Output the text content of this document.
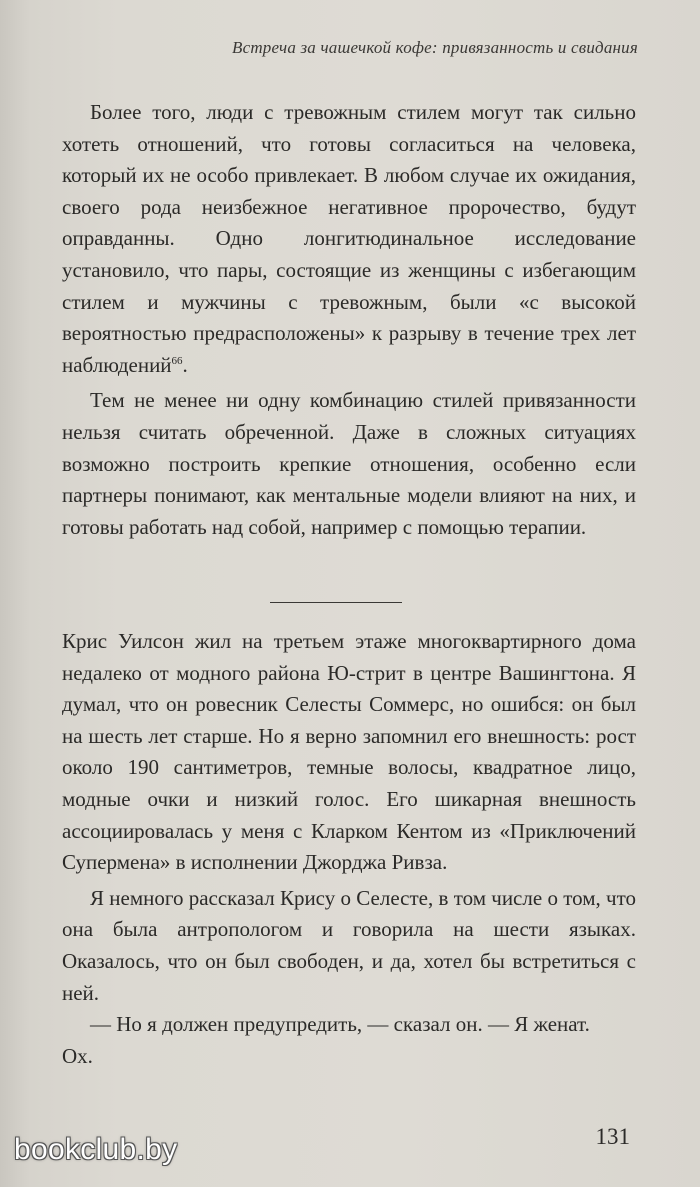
Встреча за чашечкой кофе: привязанность и свидания

Более того, люди с тревожным стилем могут так сильно хотеть отношений, что готовы согласиться на человека, который их не особо привлекает. В любом случае их ожидания, своего рода неизбежное негативное пророчество, будут оправданны. Одно лонгитюдинальное исследование установило, что пары, состоящие из женщины с избегающим стилем и мужчины с тревожным, были «с высокой вероятностью предрасположены» к разрыву в течение трех лет наблюдений$^{66}$.

Тем не менее ни одну комбинацию стилей привязанности нельзя считать обреченной. Даже в сложных ситуациях возможно построить крепкие отношения, особенно если партнеры понимают, как ментальные модели влияют на них, и готовы работать над собой, например с помощью терапии.

Крис Уилсон жил на третьем этаже многоквартирного дома недалеко от модного района Ю-стрит в центре Вашингтона. Я думал, что он ровесник Селесты Соммерс, но ошибся: он был на шесть лет старше. Но я верно запомнил его внешность: рост около 190 сантиметров, темные волосы, квадратное лицо, модные очки и низкий голос. Его шикарная внешность ассоциировалась у меня с Кларком Кентом из «Приключений Супермена» в исполнении Джорджа Ривза.

Я немного рассказал Крису о Селесте, в том числе о том, что она была антропологом и говорила на шести языках. Оказалось, что он был свободен, и да, хотел бы встретиться с ней.

— Но я должен предупредить, — сказал он. — Я женат.

Ох.

131
bookclub.by
